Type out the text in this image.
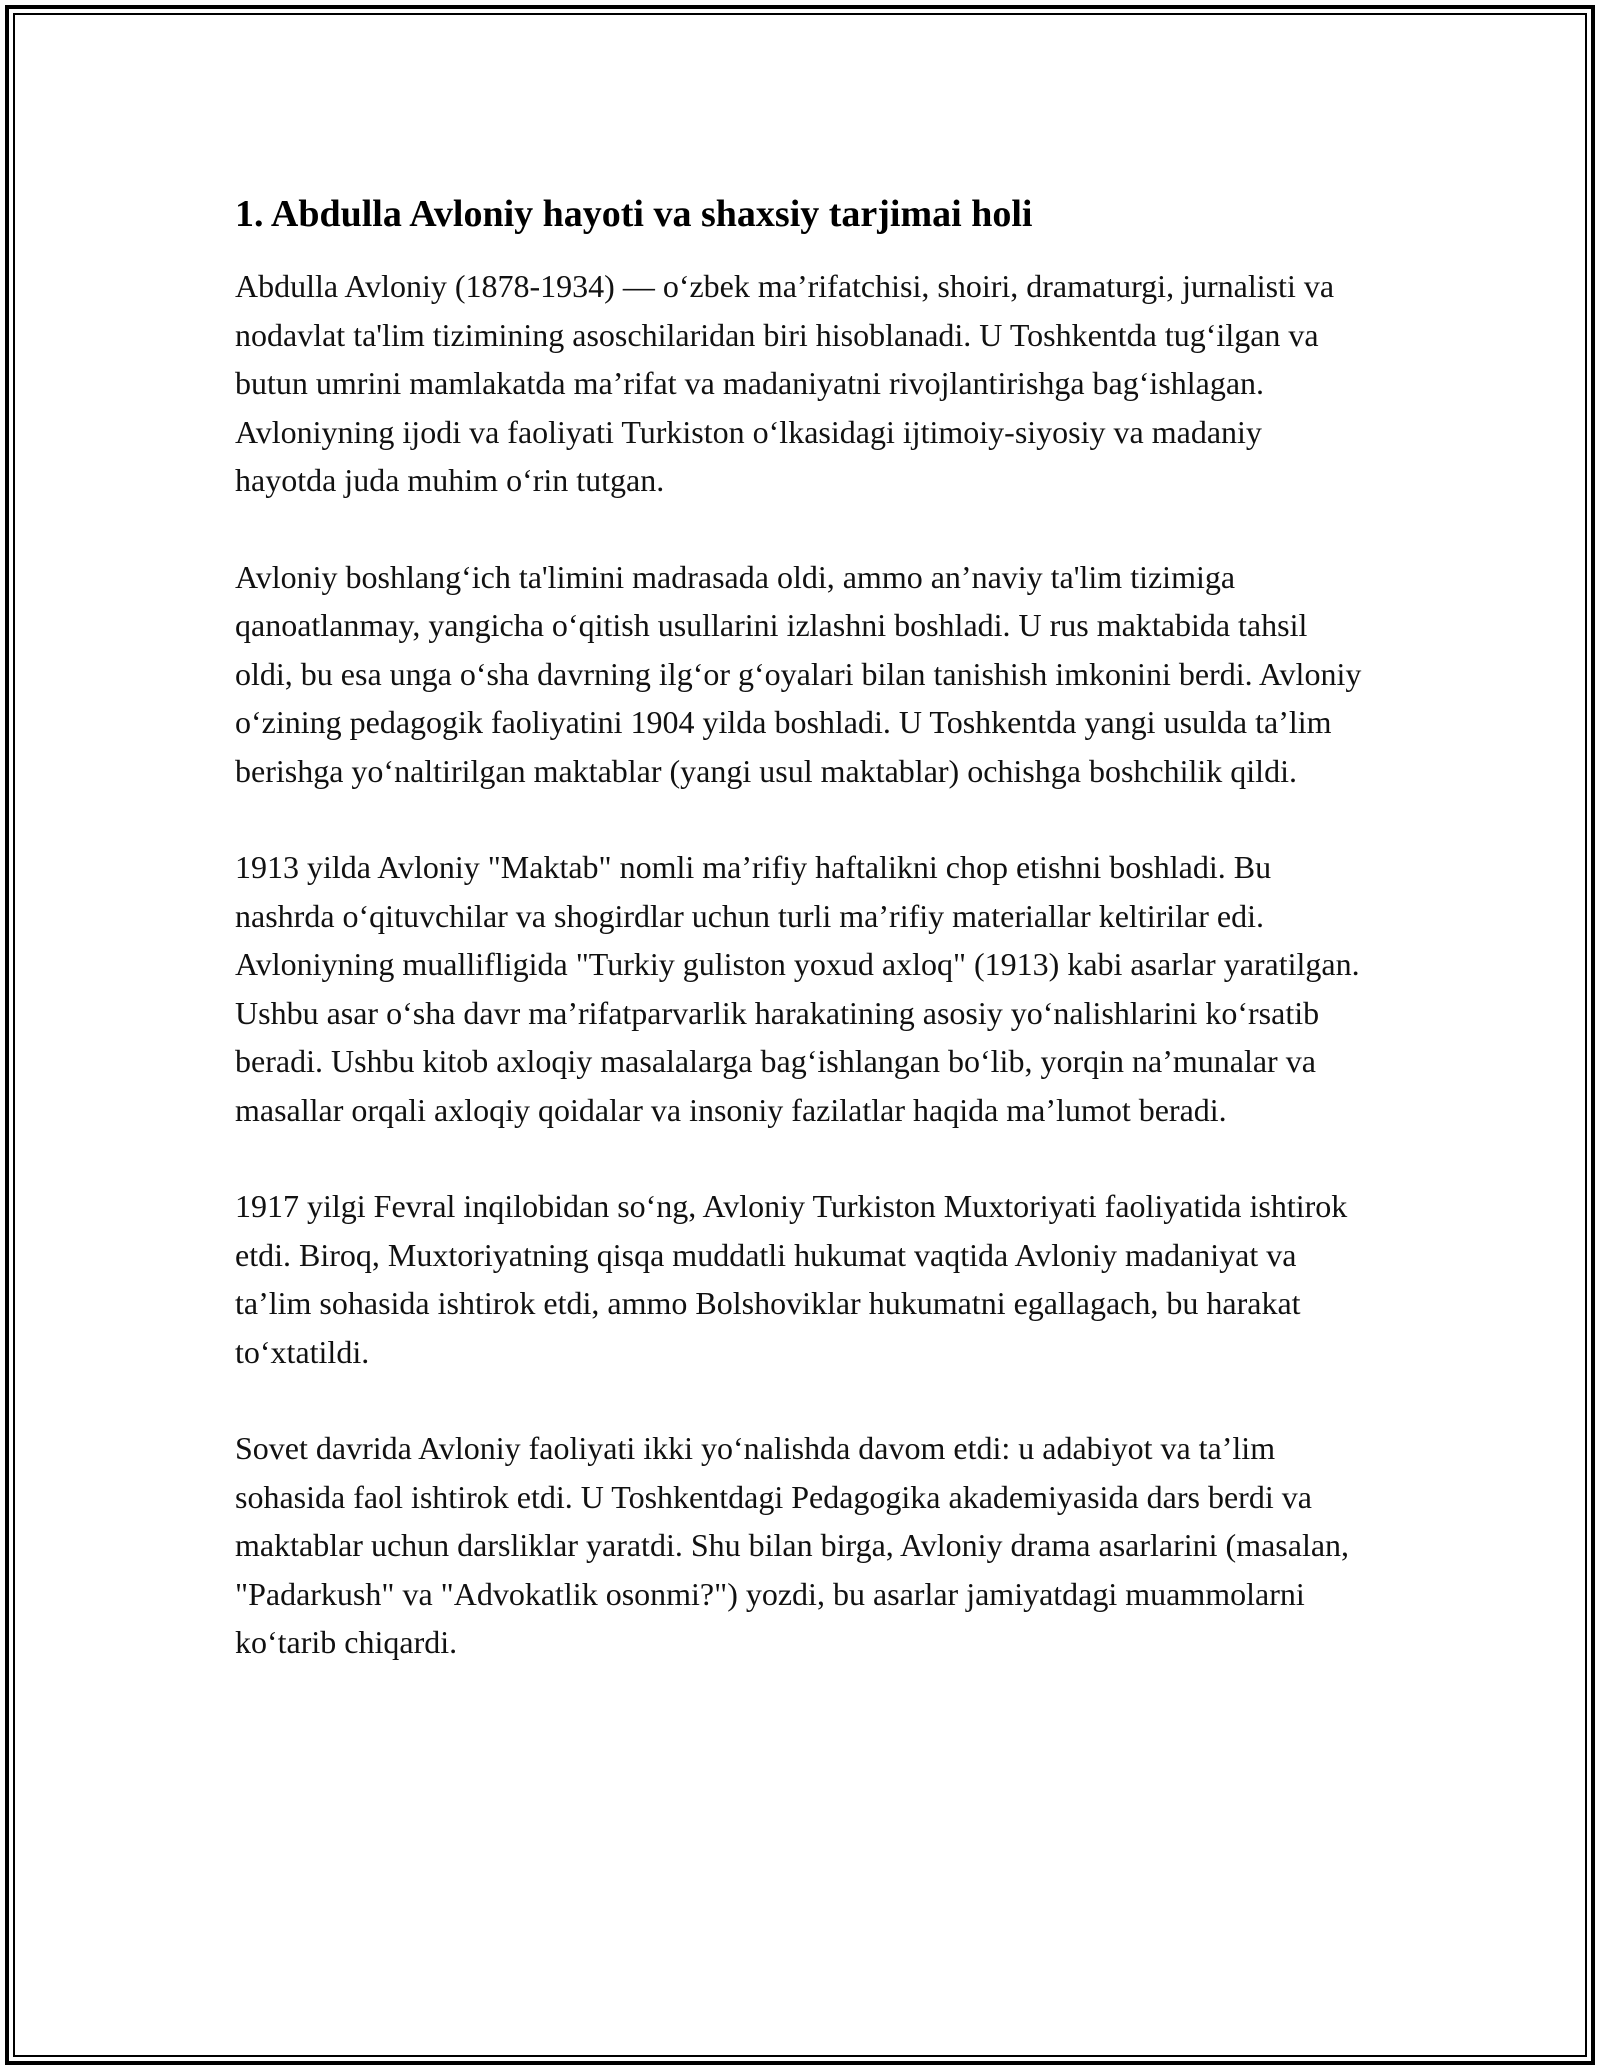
1. Abdulla Avloniy hayoti va shaxsiy tarjimai holi

Abdulla Avloniy (1878-1934) — o‘zbek ma’rifatchisi, shoiri, dramaturgi, jurnalisti va nodavlat ta'lim tizimining asoschilaridan biri hisoblanadi. U Toshkentda tug‘ilgan va butun umrini mamlakatda ma’rifat va madaniyatni rivojlantirishga bag‘ishlagan. Avloniyning ijodi va faoliyati Turkiston o‘lkasidagi ijtimoiy-siyosiy va madaniy hayotda juda muhim o‘rin tutgan.

Avloniy boshlang‘ich ta'limini madrasada oldi, ammo an’naviy ta'lim tizimiga qanoatlanmay, yangicha o‘qitish usullarini izlashni boshladi. U rus maktabida tahsil oldi, bu esa unga o‘sha davrning ilg‘or g‘oyalari bilan tanishish imkonini berdi. Avloniy o‘zining pedagogik faoliyatini 1904 yilda boshladi. U Toshkentda yangi usulda ta’lim berishga yo‘naltirilgan maktablar (yangi usul maktablar) ochishga boshchilik qildi.

1913 yilda Avloniy "Maktab" nomli ma’rifiy haftalikni chop etishni boshladi. Bu nashrda o‘qituvchilar va shogirdlar uchun turli ma’rifiy materiallar keltirilar edi. Avloniyning muallifligida "Turkiy guliston yoxud axloq" (1913) kabi asarlar yaratilgan. Ushbu asar o‘sha davr ma’rifatparvarlik harakatining asosiy yo‘nalishlarini ko‘rsatib beradi. Ushbu kitob axloqiy masalalarga bag‘ishlangan bo‘lib, yorqin na’munalar va masallar orqali axloqiy qoidalar va insoniy fazilatlar haqida ma’lumot beradi.

1917 yilgi Fevral inqilobidan so‘ng, Avloniy Turkiston Muxtoriyati faoliyatida ishtirok etdi. Biroq, Muxtoriyatning qisqa muddatli hukumat vaqtida Avloniy madaniyat va ta’lim sohasida ishtirok etdi, ammo Bolshoviklar hukumatni egallagach, bu harakat to‘xtatildi.

Sovet davrida Avloniy faoliyati ikki yo‘nalishda davom etdi: u adabiyot va ta’lim sohasida faol ishtirok etdi. U Toshkentdagi Pedagogika akademiyasida dars berdi va maktablar uchun darsliklar yaratdi. Shu bilan birga, Avloniy drama asarlarini (masalan, "Padarkush" va "Advokatlik osonmi?") yozdi, bu asarlar jamiyatdagi muammolarni ko‘tarib chiqardi.
